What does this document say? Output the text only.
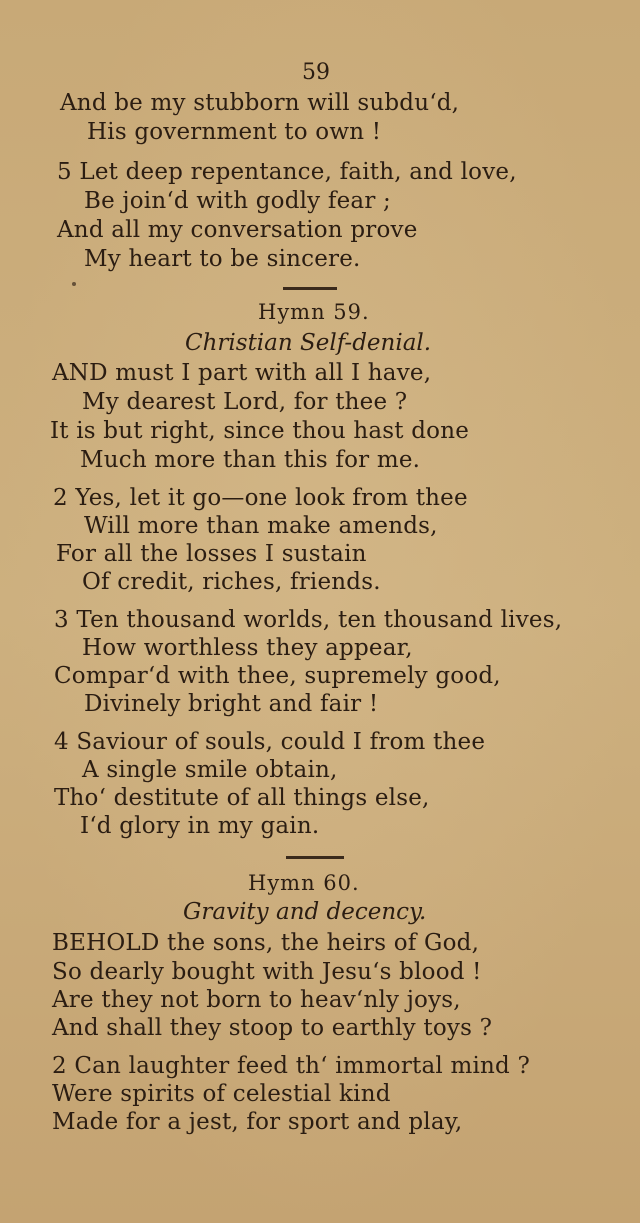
59
And be my stubborn will subdu‘d,
His government to own !
5 Let deep repentance, faith, and love,
Be join‘d with godly fear ;
And all my conversation prove
My heart to be sincere.
Hymn 59.
Christian Self-denial.
AND must I part with all I have,
My dearest Lord, for thee ?
It is but right, since thou hast done
Much more than this for me.
2 Yes, let it go—one look from thee
Will more than make amends,
For all the losses I sustain
Of credit, riches, friends.
3 Ten thousand worlds, ten thousand lives,
How worthless they appear,
Compar‘d with thee, supremely good,
Divinely bright and fair !
4 Saviour of souls, could I from thee
A single smile obtain,
Tho‘ destitute of all things else,
I‘d glory in my gain.
Hymn 60.
Gravity and decency.
BEHOLD the sons, the heirs of God,
So dearly bought with Jesu‘s blood !
Are they not born to heav‘nly joys,
And shall they stoop to earthly toys ?
2 Can laughter feed th‘ immortal mind ?
Were spirits of celestial kind
Made for a jest, for sport and play,
